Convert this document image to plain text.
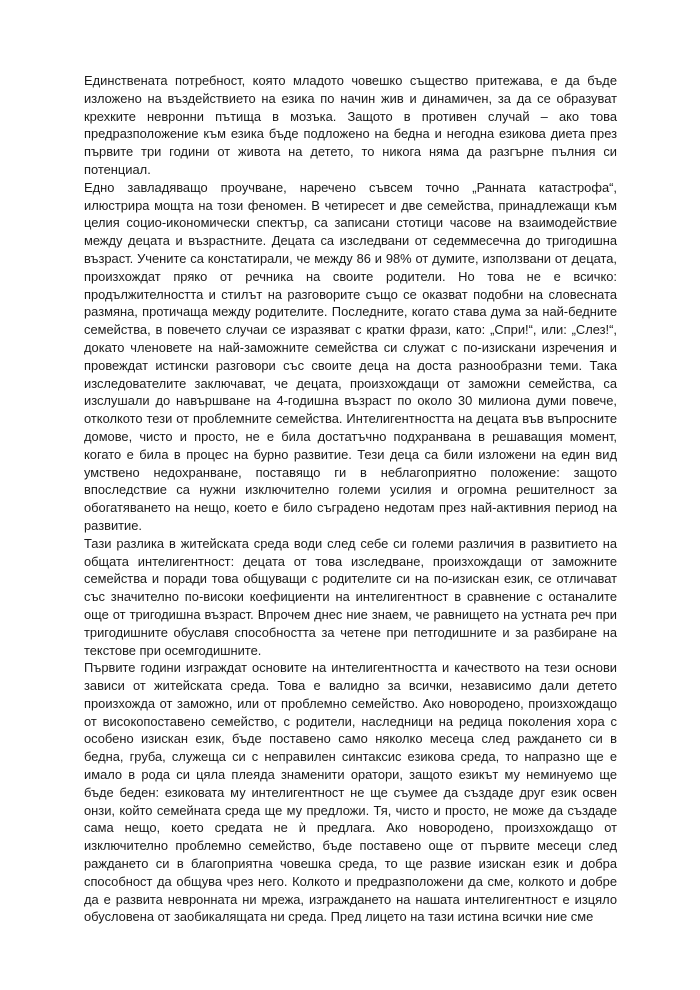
Единствената потребност, която младото човешко същество притежава, е да бъде изложено на въздействието на езика по начин жив и динамичен, за да се образуват крехките невронни пътища в мозъка. Защото в противен случай – ако това предразположение към езика бъде подложено на бедна и негодна езикова диета през първите три години от живота на детето, то никога няма да разгърне пълния си потенциал.

Едно завладяващо проучване, наречено съвсем точно „Ранната катастрофа“, илюстрира мощта на този феномен. В четиресет и две семейства, принадлежащи към целия социо-икономически спектър, са записани стотици часове на взаимодействие между децата и възрастните. Децата са изследвани от седеммесечна до тригодишна възраст. Учените са констатирали, че между 86 и 98% от думите, използвани от децата, произхождат пряко от речника на своите родители. Но това не е всичко: продължителността и стилът на разговорите също се оказват подобни на словесната размяна, протичаща между родителите. Последните, когато става дума за най-бедните семейства, в повечето случаи се изразяват с кратки фрази, като: „Спри!“, или: „Слез!“, докато членовете на най-заможните семейства си служат с по-изискани изречения и провеждат истински разговори със своите деца на доста разнообразни теми. Така изследователите заключават, че децата, произхождащи от заможни семейства, са изслушали до навършване на 4-годишна възраст по около 30 милиона думи повече, отколкото тези от проблемните семейства. Интелигентността на децата във въпросните домове, чисто и просто, не е била достатъчно подхранвана в решаващия момент, когато е била в процес на бурно развитие. Тези деца са били изложени на един вид умствено недохранване, поставящо ги в неблагоприятно положение: защото впоследствие са нужни изключително големи усилия и огромна решителност за обогатяването на нещо, което е било съградено недотам през най-активния период на развитие.

Тази разлика в житейската среда води след себе си големи различия в развитието на общата интелигентност: децата от това изследване, произхождащи от заможните семейства и поради това общуващи с родителите си на по-изискан език, се отличават със значително по-високи коефициенти на интелигентност в сравнение с останалите още от тригодишна възраст. Впрочем днес ние знаем, че равнището на устната реч при тригодишните обуславя способността за четене при петгодишните и за разбиране на текстове при осемгодишните.

Първите години изграждат основите на интелигентността и качеството на тези основи зависи от житейската среда. Това е валидно за всички, независимо дали детето произхожда от заможно, или от проблемно семейство. Ако новородено, произхождащо от високопоставено семейство, с родители, наследници на редица поколения хора с особено изискан език, бъде поставено само няколко месеца след раждането си в бедна, груба, служеща си с неправилен синтаксис езикова среда, то напразно ще е имало в рода си цяла плеяда знаменити оратори, защото езикът му неминуемо ще бъде беден: езиковата му интелигентност не ще съумее да създаде друг език освен онзи, който семейната среда ще му предложи. Тя, чисто и просто, не може да създаде сама нещо, което средата не ѝ предлага. Ако новородено, произхождащо от изключително проблемно семейство, бъде поставено още от първите месеци след раждането си в благоприятна човешка среда, то ще развие изискан език и добра способност да общува чрез него. Колкото и предразположени да сме, колкото и добре да е развита невронната ни мрежа, изграждането на нашата интелигентност е изцяло обусловена от заобикалящата ни среда. Пред лицето на тази истина всички ние сме
